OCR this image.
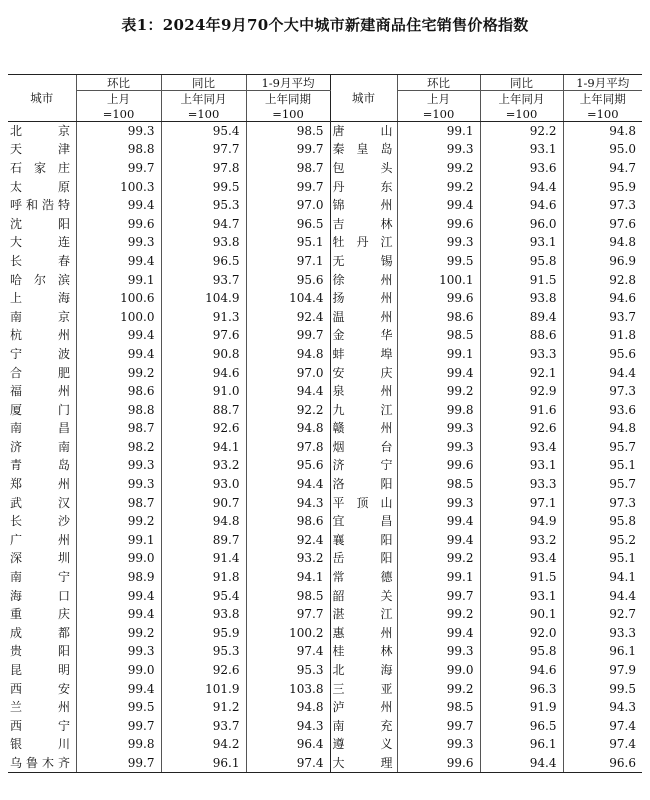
表1：2024年9月70个大中城市新建商品住宅销售价格指数
城市	环比	同比	1-9月平均	城市	环比	同比	1-9月平均
	上月	上年同月	上年同期		上月	上年同月	上年同期
	=100	=100	=100		=100	=100	=100

北京	99.3	95.4	98.5	唐山	99.1	92.2	94.8

天津	98.8	97.7	99.7	秦皇岛	99.3	93.1	95.0

石家庄	99.7	97.8	98.7	包头	99.2	93.6	94.7

太原	100.3	99.5	99.7	丹东	99.2	94.4	95.9

呼和浩特	99.4	95.3	97.0	锦州	99.4	94.6	97.3

沈阳	99.6	94.7	96.5	吉林	99.6	96.0	97.6

大连	99.3	93.8	95.1	牡丹江	99.3	93.1	94.8

长春	99.4	96.5	97.1	无锡	99.5	95.8	96.9

哈尔滨	99.1	93.7	95.6	徐州	100.1	91.5	92.8

上海	100.6	104.9	104.4	扬州	99.6	93.8	94.6

南京	100.0	91.3	92.4	温州	98.6	89.4	93.7

杭州	99.4	97.6	99.7	金华	98.5	88.6	91.8

宁波	99.4	90.8	94.8	蚌埠	99.1	93.3	95.6

合肥	99.2	94.6	97.0	安庆	99.4	92.1	94.4

福州	98.6	91.0	94.4	泉州	99.2	92.9	97.3

厦门	98.8	88.7	92.2	九江	99.8	91.6	93.6

南昌	98.7	92.6	94.8	赣州	99.3	92.6	94.8

济南	98.2	94.1	97.8	烟台	99.3	93.4	95.7

青岛	99.3	93.2	95.6	济宁	99.6	93.1	95.1

郑州	99.3	93.0	94.4	洛阳	98.5	93.3	95.7

武汉	98.7	90.7	94.3	平顶山	99.3	97.1	97.3

长沙	99.2	94.8	98.6	宜昌	99.4	94.9	95.8

广州	99.1	89.7	92.4	襄阳	99.4	93.2	95.2

深圳	99.0	91.4	93.2	岳阳	99.2	93.4	95.1

南宁	98.9	91.8	94.1	常德	99.1	91.5	94.1

海口	99.4	95.4	98.5	韶关	99.7	93.1	94.4

重庆	99.4	93.8	97.7	湛江	99.2	90.1	92.7

成都	99.2	95.9	100.2	惠州	99.4	92.0	93.3

贵阳	99.3	95.3	97.4	桂林	99.3	95.8	96.1

昆明	99.0	92.6	95.3	北海	99.0	94.6	97.9

西安	99.4	101.9	103.8	三亚	99.2	96.3	99.5

兰州	99.5	91.2	94.8	泸州	98.5	91.9	94.3

西宁	99.7	93.7	94.3	南充	99.7	96.5	97.4

银川	99.8	94.2	96.4	遵义	99.3	96.1	97.4

乌鲁木齐	99.7	96.1	97.4	大理	99.6	94.4	96.6
